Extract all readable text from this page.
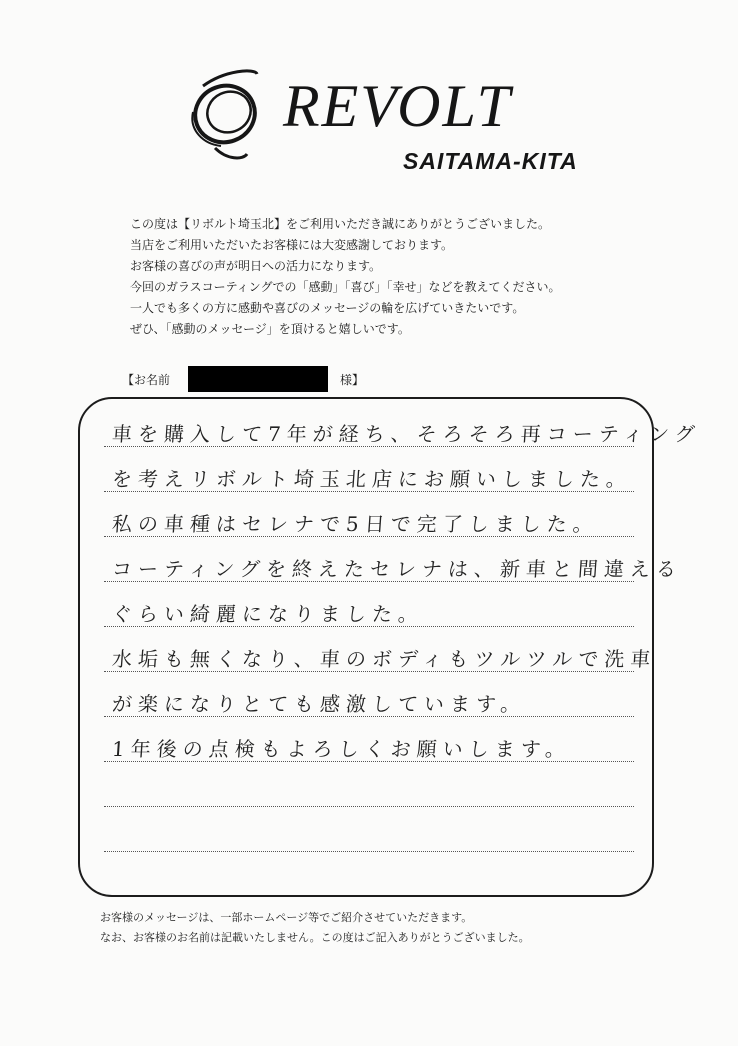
REVOLT
SAITAMA-KITA

この度は【リボルト埼玉北】をご利用いただき誠にありがとうございました。

当店をご利用いただいたお客様には大変感謝しております。

お客様の喜びの声が明日への活力になります。

今回のガラスコーティングでの「感動」「喜び」「幸せ」などを教えてください。

一人でも多くの方に感動や喜びのメッセージの輪を広げていきたいです。

ぜひ、「感動のメッセージ」を頂けると嬉しいです。

【お名前	様】
車を購入して7年が経ち、そろそろ再コーティング
を考えリボルト埼玉北店にお願いしました。
私の車種はセレナで5日で完了しました。
コーティングを終えたセレナは、新車と間違える
ぐらい綺麗になりました。
水垢も無くなり、車のボディもツルツルで洗車
が楽になりとても感激しています。
1年後の点検もよろしくお願いします。

お客様のメッセージは、一部ホームページ等でご紹介させていただきます。

なお、お客様のお名前は記載いたしません。この度はご記入ありがとうございました。
